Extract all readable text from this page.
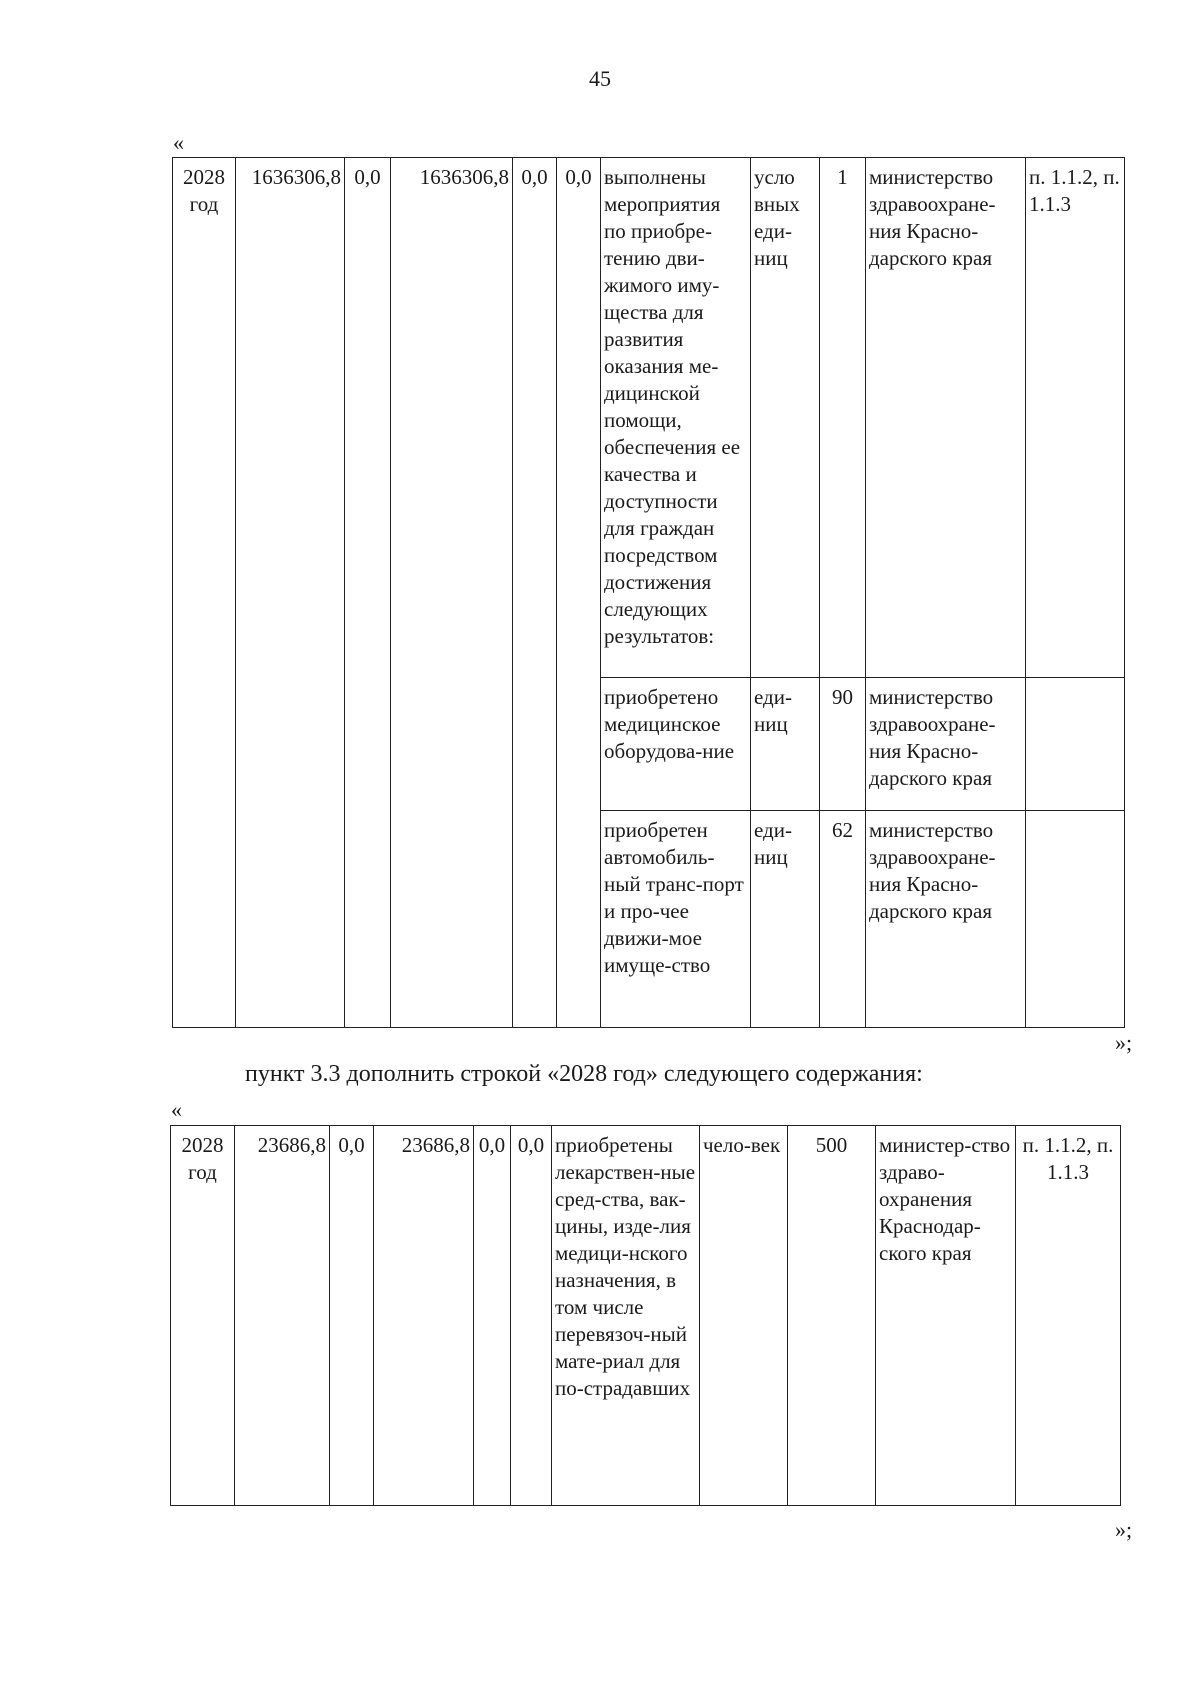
45
«
2028 год	1636306,8	0,0	1636306,8	0,0	0,0	выполнены мероприятия по приобре-тению дви-жимого иму-щества для развития оказания ме-дицинской помощи, обеспечения ее качества и доступности для граждан посредством достижения следующих результатов:	усло вных еди-ниц	1	министерство здравоохране-ния Красно-дарского края	п. 1.1.2, п. 1.1.3
						приобретено медицинское оборудова-ние	еди-ниц	90	министерство здравоохране-ния Красно-дарского края	
						приобретен автомобиль-ный транс-порт и про-чее движи-мое имуще-ство	еди-ниц	62	министерство здравоохране-ния Красно-дарского края	
»;
пункт 3.3 дополнить строкой «2028 год» следующего содержания:
«
2028 год	23686,8	0,0	23686,8	0,0	0,0	приобретены лекарствен-ные сред-ства, вак-цины, изде-лия медици-нского назначения, в том числе перевязоч-ный мате-риал для по-страдавших	чело-век	500	министер-ство здраво-охранения Краснодар-ского края	п. 1.1.2, п. 1.1.3
»;
